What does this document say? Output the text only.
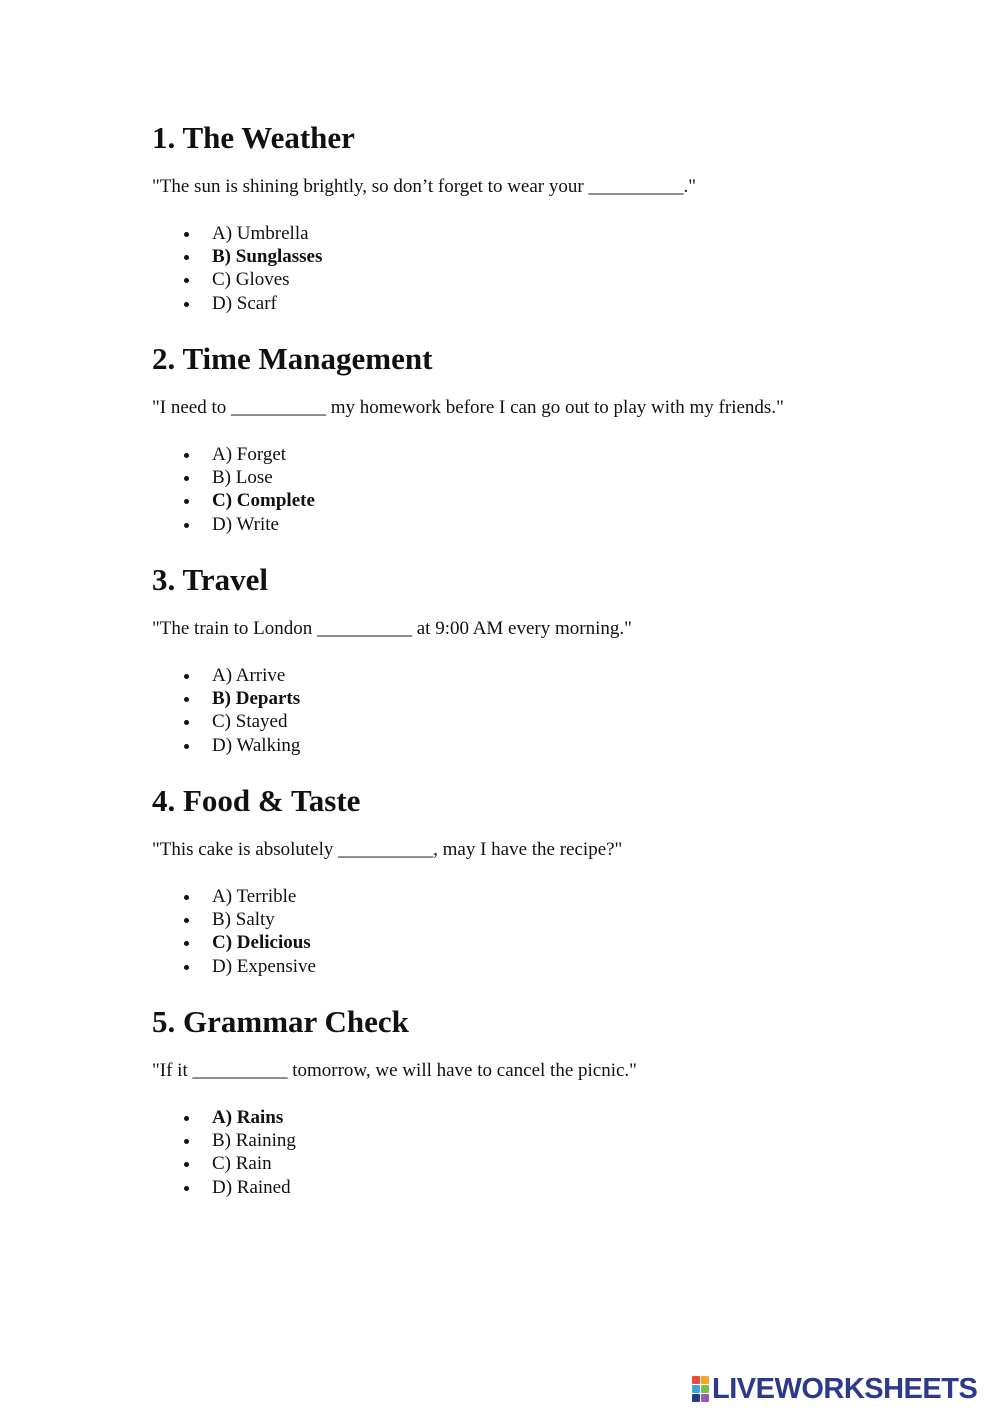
1. The Weather

"The sun is shining brightly, so don’t forget to wear your __________."

A) Umbrella
B) Sunglasses
C) Gloves
D) Scarf
2. Time Management

"I need to __________ my homework before I can go out to play with my friends."

A) Forget
B) Lose
C) Complete
D) Write
3. Travel

"The train to London __________ at 9:00 AM every morning."

A) Arrive
B) Departs
C) Stayed
D) Walking
4. Food & Taste

"This cake is absolutely __________, may I have the recipe?"

A) Terrible
B) Salty
C) Delicious
D) Expensive
5. Grammar Check

"If it __________ tomorrow, we will have to cancel the picnic."

A) Rains
B) Raining
C) Rain
D) Rained
LIVEWORKSHEETS
